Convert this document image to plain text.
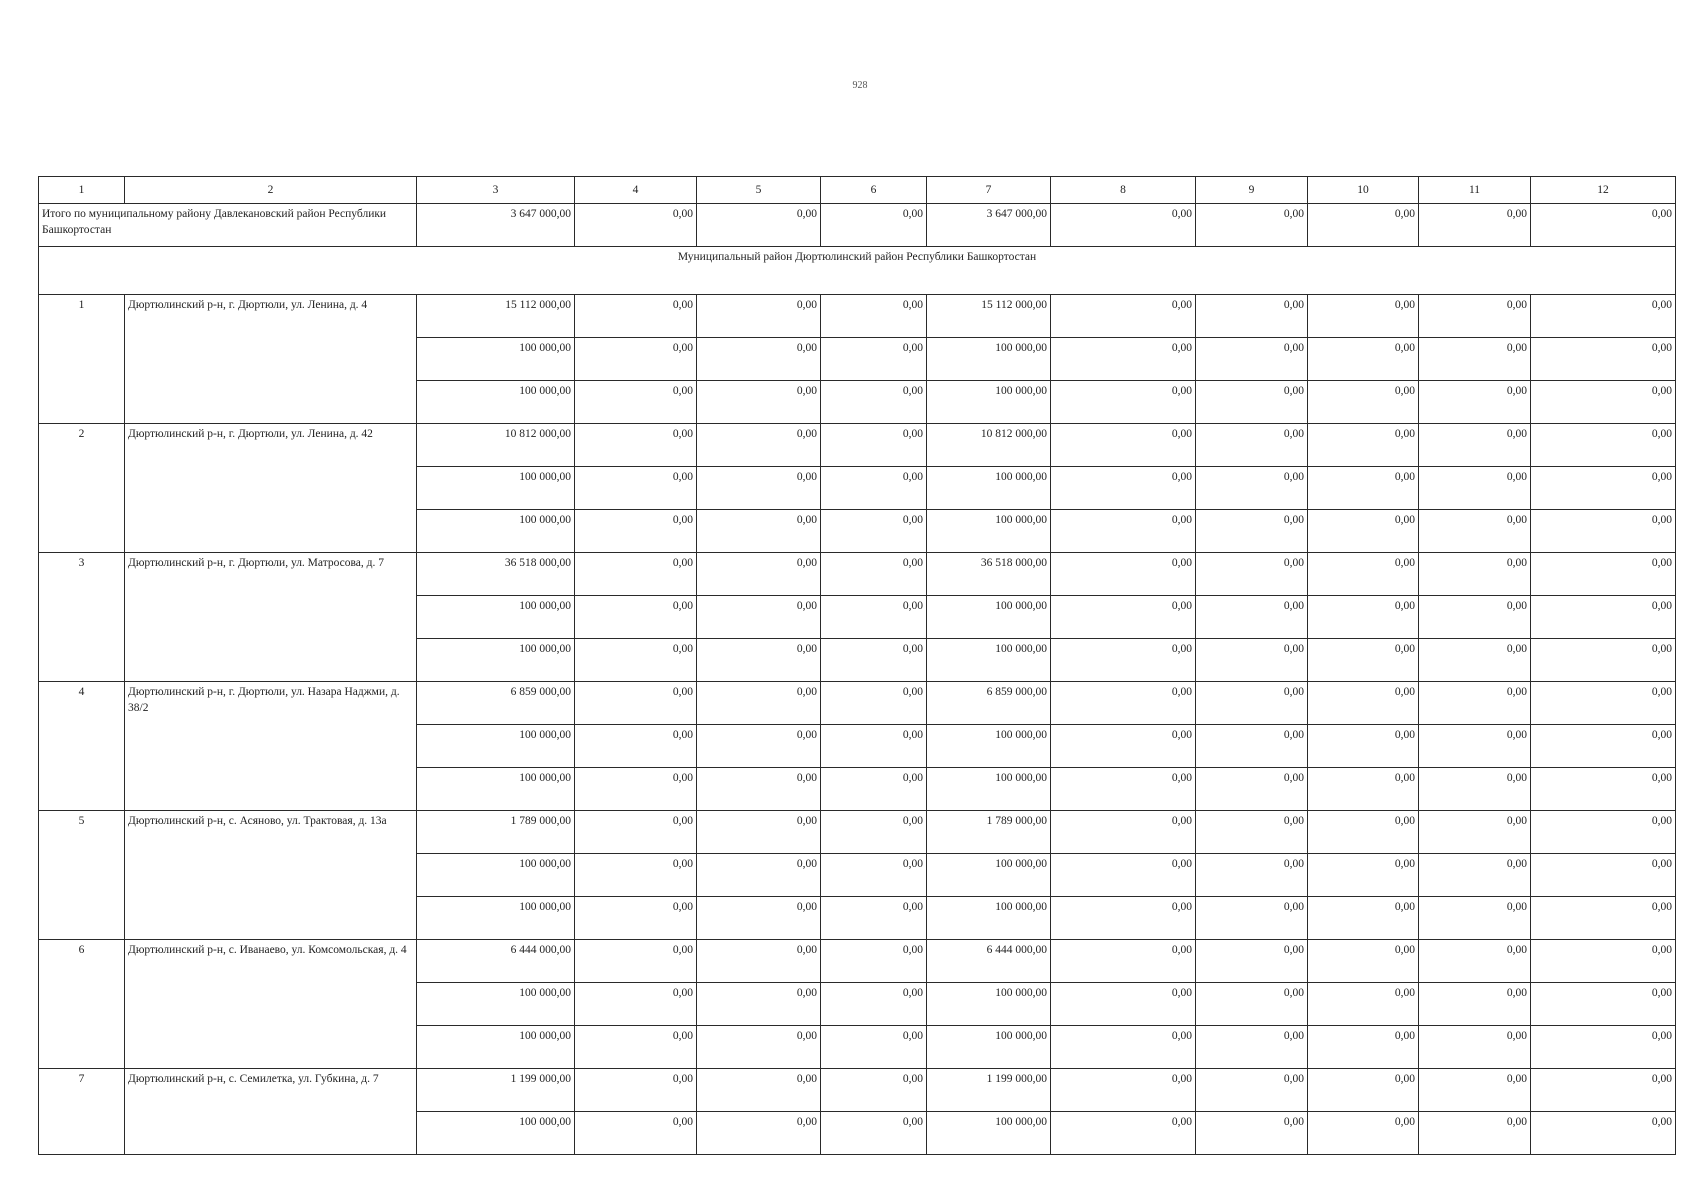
928
1	2	3	4	5	6	7	8	9	10	11	12
Итого по муниципальному району Давлекановский район Республики Башкортостан		3 647 000,00	0,00	0,00	0,00	3 647 000,00	0,00	0,00	0,00	0,00	0,00
Муниципальный район Дюртюлинский район Республики Башкортостан											
1	Дюртюлинский р-н, г. Дюртюли, ул. Ленина, д. 4	15 112 000,00	0,00	0,00	0,00	15 112 000,00	0,00	0,00	0,00	0,00	0,00
		100 000,00	0,00	0,00	0,00	100 000,00	0,00	0,00	0,00	0,00	0,00
		100 000,00	0,00	0,00	0,00	100 000,00	0,00	0,00	0,00	0,00	0,00
2	Дюртюлинский р-н, г. Дюртюли, ул. Ленина, д. 42	10 812 000,00	0,00	0,00	0,00	10 812 000,00	0,00	0,00	0,00	0,00	0,00
		100 000,00	0,00	0,00	0,00	100 000,00	0,00	0,00	0,00	0,00	0,00
		100 000,00	0,00	0,00	0,00	100 000,00	0,00	0,00	0,00	0,00	0,00
3	Дюртюлинский р-н, г. Дюртюли, ул. Матросова, д. 7	36 518 000,00	0,00	0,00	0,00	36 518 000,00	0,00	0,00	0,00	0,00	0,00
		100 000,00	0,00	0,00	0,00	100 000,00	0,00	0,00	0,00	0,00	0,00
		100 000,00	0,00	0,00	0,00	100 000,00	0,00	0,00	0,00	0,00	0,00
4	Дюртюлинский р-н, г. Дюртюли, ул. Назара Наджми, д. 38/2	6 859 000,00	0,00	0,00	0,00	6 859 000,00	0,00	0,00	0,00	0,00	0,00
		100 000,00	0,00	0,00	0,00	100 000,00	0,00	0,00	0,00	0,00	0,00
		100 000,00	0,00	0,00	0,00	100 000,00	0,00	0,00	0,00	0,00	0,00
5	Дюртюлинский р-н, с. Асяново, ул. Трактовая, д. 13а	1 789 000,00	0,00	0,00	0,00	1 789 000,00	0,00	0,00	0,00	0,00	0,00
		100 000,00	0,00	0,00	0,00	100 000,00	0,00	0,00	0,00	0,00	0,00
		100 000,00	0,00	0,00	0,00	100 000,00	0,00	0,00	0,00	0,00	0,00
6	Дюртюлинский р-н, с. Иванаево, ул. Комсомольская, д. 4	6 444 000,00	0,00	0,00	0,00	6 444 000,00	0,00	0,00	0,00	0,00	0,00
		100 000,00	0,00	0,00	0,00	100 000,00	0,00	0,00	0,00	0,00	0,00
		100 000,00	0,00	0,00	0,00	100 000,00	0,00	0,00	0,00	0,00	0,00
7	Дюртюлинский р-н, с. Семилетка, ул. Губкина, д. 7	1 199 000,00	0,00	0,00	0,00	1 199 000,00	0,00	0,00	0,00	0,00	0,00
		100 000,00	0,00	0,00	0,00	100 000,00	0,00	0,00	0,00	0,00	0,00
